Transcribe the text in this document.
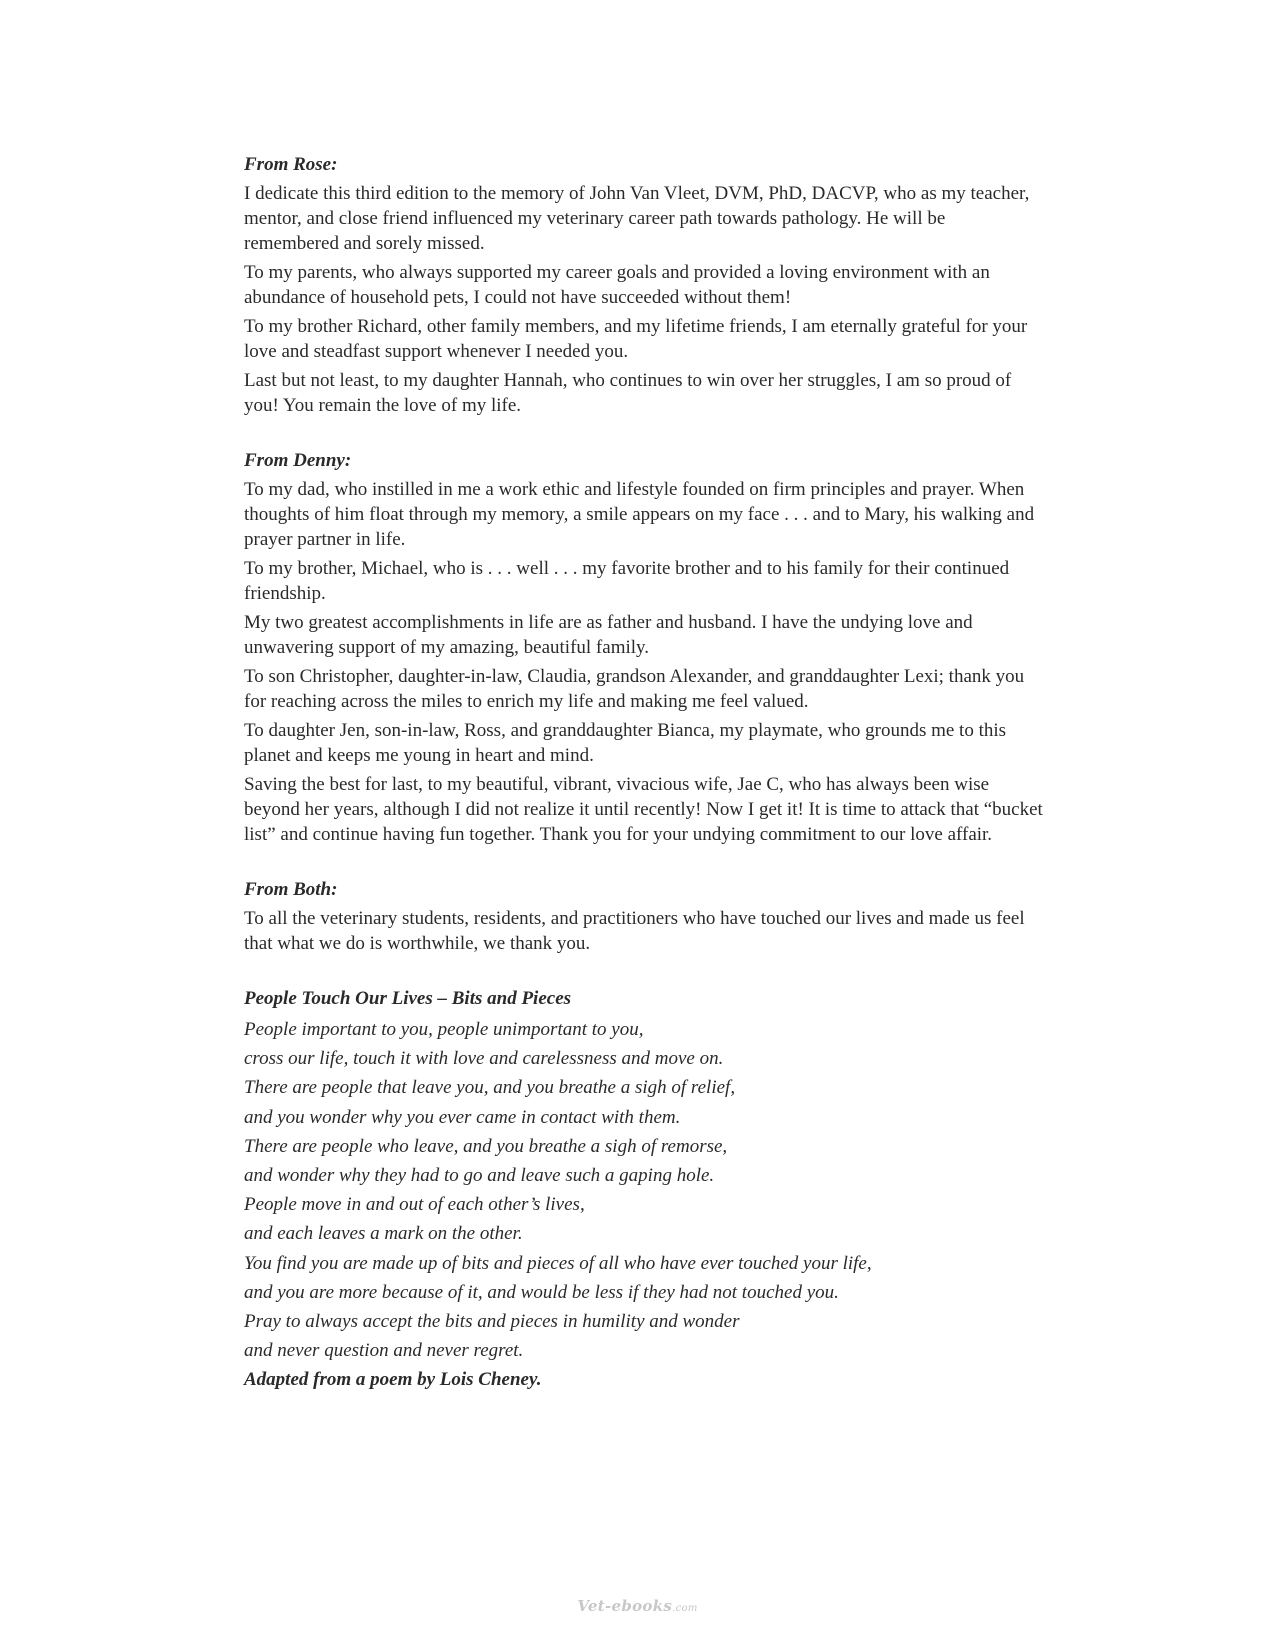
From Rose:
I dedicate this third edition to the memory of John Van Vleet, DVM, PhD, DACVP, who as my teacher, mentor, and close friend influenced my veterinary career path towards pathology. He will be remembered and sorely missed.
To my parents, who always supported my career goals and provided a loving environment with an abundance of household pets, I could not have succeeded without them!
To my brother Richard, other family members, and my lifetime friends, I am eternally grateful for your love and steadfast support whenever I needed you.
Last but not least, to my daughter Hannah, who continues to win over her struggles, I am so proud of you! You remain the love of my life.
From Denny:
To my dad, who instilled in me a work ethic and lifestyle founded on firm principles and prayer. When thoughts of him float through my memory, a smile appears on my face . . . and to Mary, his walking and prayer partner in life.
To my brother, Michael, who is . . . well . . . my favorite brother and to his family for their continued friendship.
My two greatest accomplishments in life are as father and husband. I have the undying love and unwavering support of my amazing, beautiful family.
To son Christopher, daughter-in-law, Claudia, grandson Alexander, and granddaughter Lexi; thank you for reaching across the miles to enrich my life and making me feel valued.
To daughter Jen, son-in-law, Ross, and granddaughter Bianca, my playmate, who grounds me to this planet and keeps me young in heart and mind.
Saving the best for last, to my beautiful, vibrant, vivacious wife, Jae C, who has always been wise beyond her years, although I did not realize it until recently! Now I get it! It is time to attack that “bucket list” and continue having fun together. Thank you for your undying commitment to our love affair.
From Both:
To all the veterinary students, residents, and practitioners who have touched our lives and made us feel that what we do is worthwhile, we thank you.
People Touch Our Lives – Bits and Pieces
People important to you, people unimportant to you,
cross our life, touch it with love and carelessness and move on.
There are people that leave you, and you breathe a sigh of relief,
and you wonder why you ever came in contact with them.
There are people who leave, and you breathe a sigh of remorse,
and wonder why they had to go and leave such a gaping hole.
People move in and out of each other’s lives,
and each leaves a mark on the other.
You find you are made up of bits and pieces of all who have ever touched your life,
and you are more because of it, and would be less if they had not touched you.
Pray to always accept the bits and pieces in humility and wonder
and never question and never regret.
Adapted from a poem by Lois Cheney.
Vet-ebooks.com
